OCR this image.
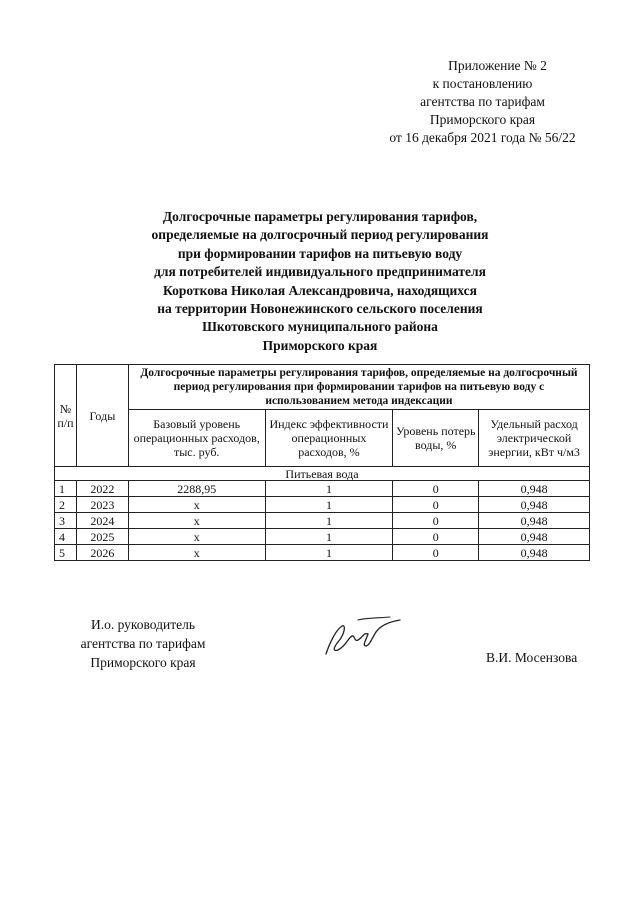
Приложение № 2
к постановлению
агентства по тарифам
Приморского края
от 16 декабря 2021 года № 56/22
Долгосрочные параметры регулирования тарифов,
определяемые на долгосрочный период регулирования
при формировании тарифов на питьевую воду
для потребителей индивидуального предпринимателя
Короткова Николая Александровича, находящихся
на территории Новонежинского сельского поселения
Шкотовского муниципального района
Приморского края
№ п/п	Годы	Долгосрочные параметры регулирования тарифов, определяемые на долгосрочный период регулирования при формировании тарифов на питьевую воду с использованием метода индексации			
		Базовый уровень операционных расходов, тыс. руб.	Индекс эффективности операционных расходов, %	Уровень потерь воды, %	Удельный расход электрической энергии, кВт ч/м3
Питьевая вода					
1	2022	2288,95	1	0	0,948
2	2023	х	1	0	0,948
3	2024	х	1	0	0,948
4	2025	х	1	0	0,948
5	2026	х	1	0	0,948
И.о. руководитель
агентства по тарифам
Приморского края	В.И. Мосензова
